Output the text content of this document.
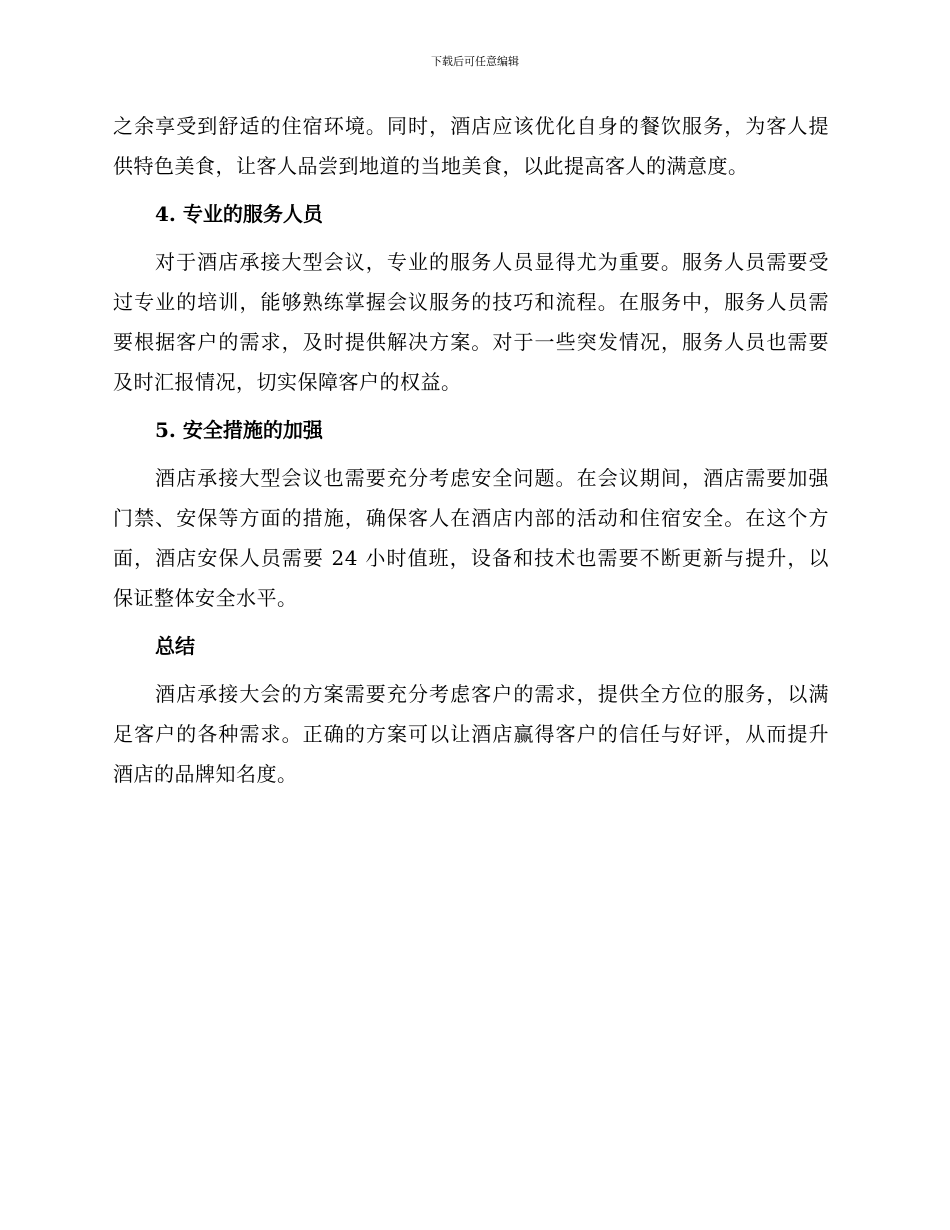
下载后可任意编辑

之余享受到舒适的住宿环境。同时，酒店应该优化自身的餐饮服务，为客人提供特色美食，让客人品尝到地道的当地美食，以此提高客人的满意度。

4. 专业的服务人员

对于酒店承接大型会议，专业的服务人员显得尤为重要。服务人员需要受过专业的培训，能够熟练掌握会议服务的技巧和流程。在服务中，服务人员需要根据客户的需求，及时提供解决方案。对于一些突发情况，服务人员也需要及时汇报情况，切实保障客户的权益。

5. 安全措施的加强

酒店承接大型会议也需要充分考虑安全问题。在会议期间，酒店需要加强门禁、安保等方面的措施，确保客人在酒店内部的活动和住宿安全。在这个方面，酒店安保人员需要 24 小时值班，设备和技术也需要不断更新与提升，以保证整体安全水平。

总结

酒店承接大会的方案需要充分考虑客户的需求，提供全方位的服务，以满足客户的各种需求。正确的方案可以让酒店赢得客户的信任与好评，从而提升酒店的品牌知名度。
